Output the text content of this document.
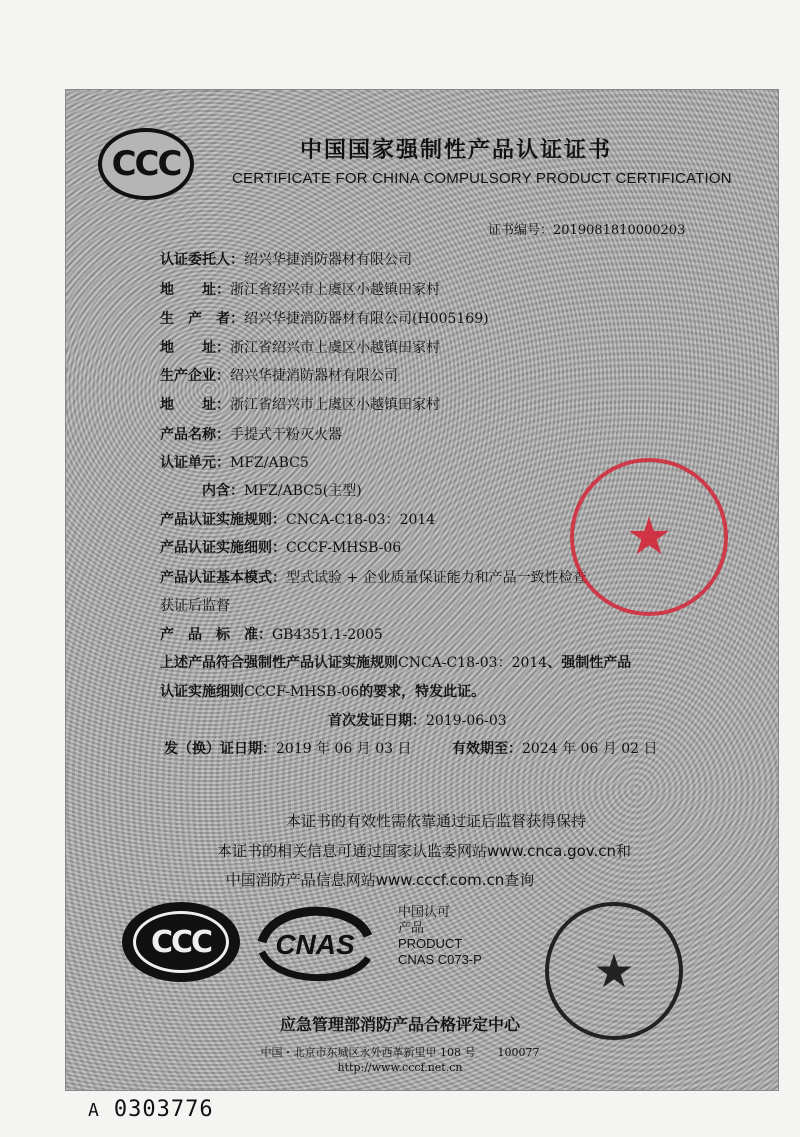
CCC	中国国家强制性产品认证证书
CERTIFICATE FOR CHINA COMPULSORY PRODUCT CERTIFICATION
证书编号：2019081810000203
认证委托人：绍兴华捷消防器材有限公司
地　　址：浙江省绍兴市上虞区小越镇田家村
生　产　者：绍兴华捷消防器材有限公司(H005169)
地　　址：浙江省绍兴市上虞区小越镇田家村
生产企业：绍兴华捷消防器材有限公司
地　　址：浙江省绍兴市上虞区小越镇田家村
产品名称：手提式干粉灭火器
认证单元：MFZ/ABC5
　　　内含：MFZ/ABC5(主型)
产品认证实施规则：CNCA-C18-03：2014
产品认证实施细则：CCCF-MHSB-06
产品认证基本模式：型式试验 + 企业质量保证能力和产品一致性检查
获证后监督
产　品　标　准：GB4351.1-2005
上述产品符合强制性产品认证实施规则CNCA-C18-03：2014、强制性产品
认证实施细则CCCF-MHSB-06的要求，特发此证。
首次发证日期：2019-06-03
发（换）证日期：2019 年 06 月 03 日	有效期至：2024 年 06 月 02 日
★
本证书的有效性需依靠通过证后监督获得保持
本证书的相关信息可通过国家认监委网站www.cnca.gov.cn和
中国消防产品信息网站www.cccf.com.cn查询
CCC CNAS
中国认可
产品
PRODUCT
CNAS C073-P ★
应急管理部消防产品合格评定中心
中国・北京市东城区永外西革新里甲 108 号　　100077
http://www.cccf.net.cn
A 0303776
